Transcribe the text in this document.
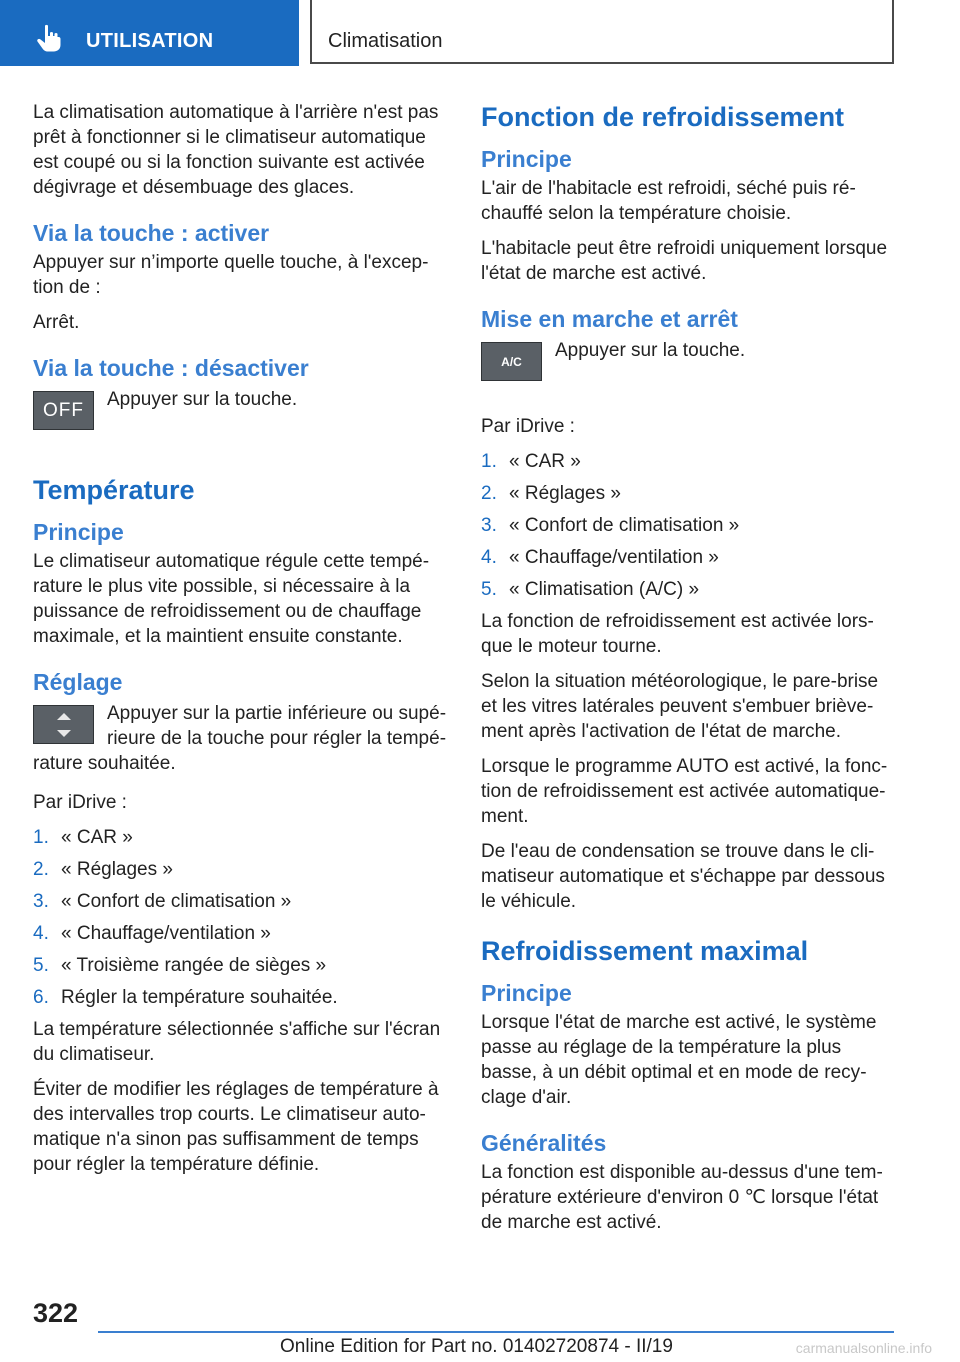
UTILISATION	Climatisation

La climatisation automatique à l'arrière n'est pas prêt à fonctionner si le climatiseur automatique est coupé ou si la fonction suivante est activée dégivrage et désembuage des glaces.

Via la touche : activer

Appuyer sur n’importe quelle touche, à l'exception de :

Arrêt.

Via la touche : désactiver
OFF	Appuyer sur la touche.
Température
Principe

Le climatiseur automatique régule cette température le plus vite possible, si nécessaire à la puissance de refroidissement ou de chauffage maximale, et la maintient ensuite constante.

Réglage
Appuyer sur la partie inférieure ou supérieure de la touche pour régler la température souhaitée.

Par iDrive :

1. « CAR »
2. « Réglages »
3. « Confort de climatisation »
4. « Chauffage/ventilation »
5. « Troisième rangée de sièges »
6. Régler la température souhaitée.

La température sélectionnée s'affiche sur l'écran du climatiseur.

Éviter de modifier les réglages de température à des intervalles trop courts. Le climatiseur automatique n'a sinon pas suffisamment de temps pour régler la température définie.

Fonction de refroidissement
Principe

L'air de l'habitacle est refroidi, séché puis réchauffé selon la température choisie.

L'habitacle peut être refroidi uniquement lorsque l'état de marche est activé.

Mise en marche et arrêt
A/C
Appuyer sur la touche.

Par iDrive :

1. « CAR »
2. « Réglages »
3. « Confort de climatisation »
4. « Chauffage/ventilation »
5. « Climatisation (A/C) »

La fonction de refroidissement est activée lorsque le moteur tourne.

Selon la situation météorologique, le pare-brise et les vitres latérales peuvent s'embuer brièvement après l'activation de l'état de marche.

Lorsque le programme AUTO est activé, la fonction de refroidissement est activée automatiquement.

De l'eau de condensation se trouve dans le climatiseur automatique et s'échappe par dessous le véhicule.

Refroidissement maximal
Principe

Lorsque l'état de marche est activé, le système passe au réglage de la température la plus basse, à un débit optimal et en mode de recyclage d'air.

Généralités

La fonction est disponible au-dessus d'une température extérieure d'environ 0 ℃ lorsque l'état de marche est activé.

322
Online Edition for Part no. 01402720874 - II/19	carmanualsonline.info
